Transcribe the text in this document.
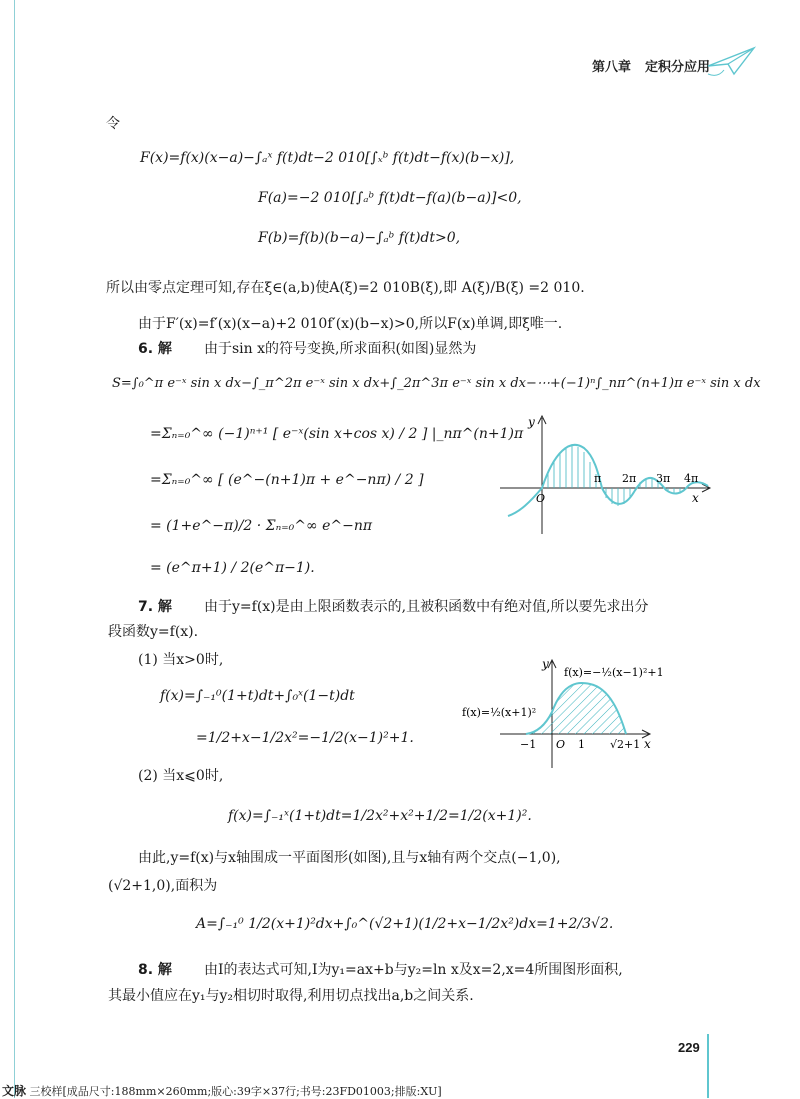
第八章 定积分应用
令
F(x)=f(x)(x−a)−∫ₐˣ f(t)dt−2 010[∫ₓᵇ f(t)dt−f(x)(b−x)],
F(a)=−2 010[∫ₐᵇ f(t)dt−f(a)(b−a)]<0,
F(b)=f(b)(b−a)−∫ₐᵇ f(t)dt>0,
所以由零点定理可知,存在ξ∈(a,b)使A(ξ)=2 010B(ξ),即 A(ξ)/B(ξ) =2 010.
由于F′(x)=f′(x)(x−a)+2 010f′(x)(b−x)>0,所以F(x)单调,即ξ唯一.
6. 解 由于sin x的符号变换,所求面积(如图)显然为
S=∫₀^π e⁻ˣ sin x dx−∫_π^2π e⁻ˣ sin x dx+∫_2π^3π e⁻ˣ sin x dx−⋯+(−1)ⁿ∫_nπ^(n+1)π e⁻ˣ sin x dx
=Σₙ₌₀^∞ (−1)ⁿ⁺¹ [ e⁻ˣ(sin x+cos x) / 2 ] |_nπ^(n+1)π
=Σₙ₌₀^∞ [ (e^−(n+1)π + e^−nπ) / 2 ]
= (1+e^−π)/2 · Σₙ₌₀^∞ e^−nπ
= (e^π+1) / 2(e^π−1).
y
O
π 2π 3π 4π
x
7. 解 由于y=f(x)是由上限函数表示的,且被积函数中有绝对值,所以要先求出分
段函数y=f(x).
(1) 当x>0时,
f(x)=∫₋₁⁰(1+t)dt+∫₀ˣ(1−t)dt
=1/2+x−1/2x²=−1/2(x−1)²+1.
y
f(x)=−½(x−1)²+1
f(x)=½(x+1)²
−1 O 1 √2+1 x
(2) 当x⩽0时,
f(x)=∫₋₁ˣ(1+t)dt=1/2x²+x²+1/2=1/2(x+1)².
由此,y=f(x)与x轴围成一平面图形(如图),且与x轴有两个交点(−1,0),
(√2+1,0),面积为
A=∫₋₁⁰ 1/2(x+1)²dx+∫₀^(√2+1)(1/2+x−1/2x²)dx=1+2/3√2.
8. 解 由I的表达式可知,I为y₁=ax+b与y₂=ln x及x=2,x=4所围图形面积,
其最小值应在y₁与y₂相切时取得,利用切点找出a,b之间关系.
229
文脉 三校样[成品尺寸:188mm×260mm;版心:39字×37行;书号:23FD01003;排版:XU]
